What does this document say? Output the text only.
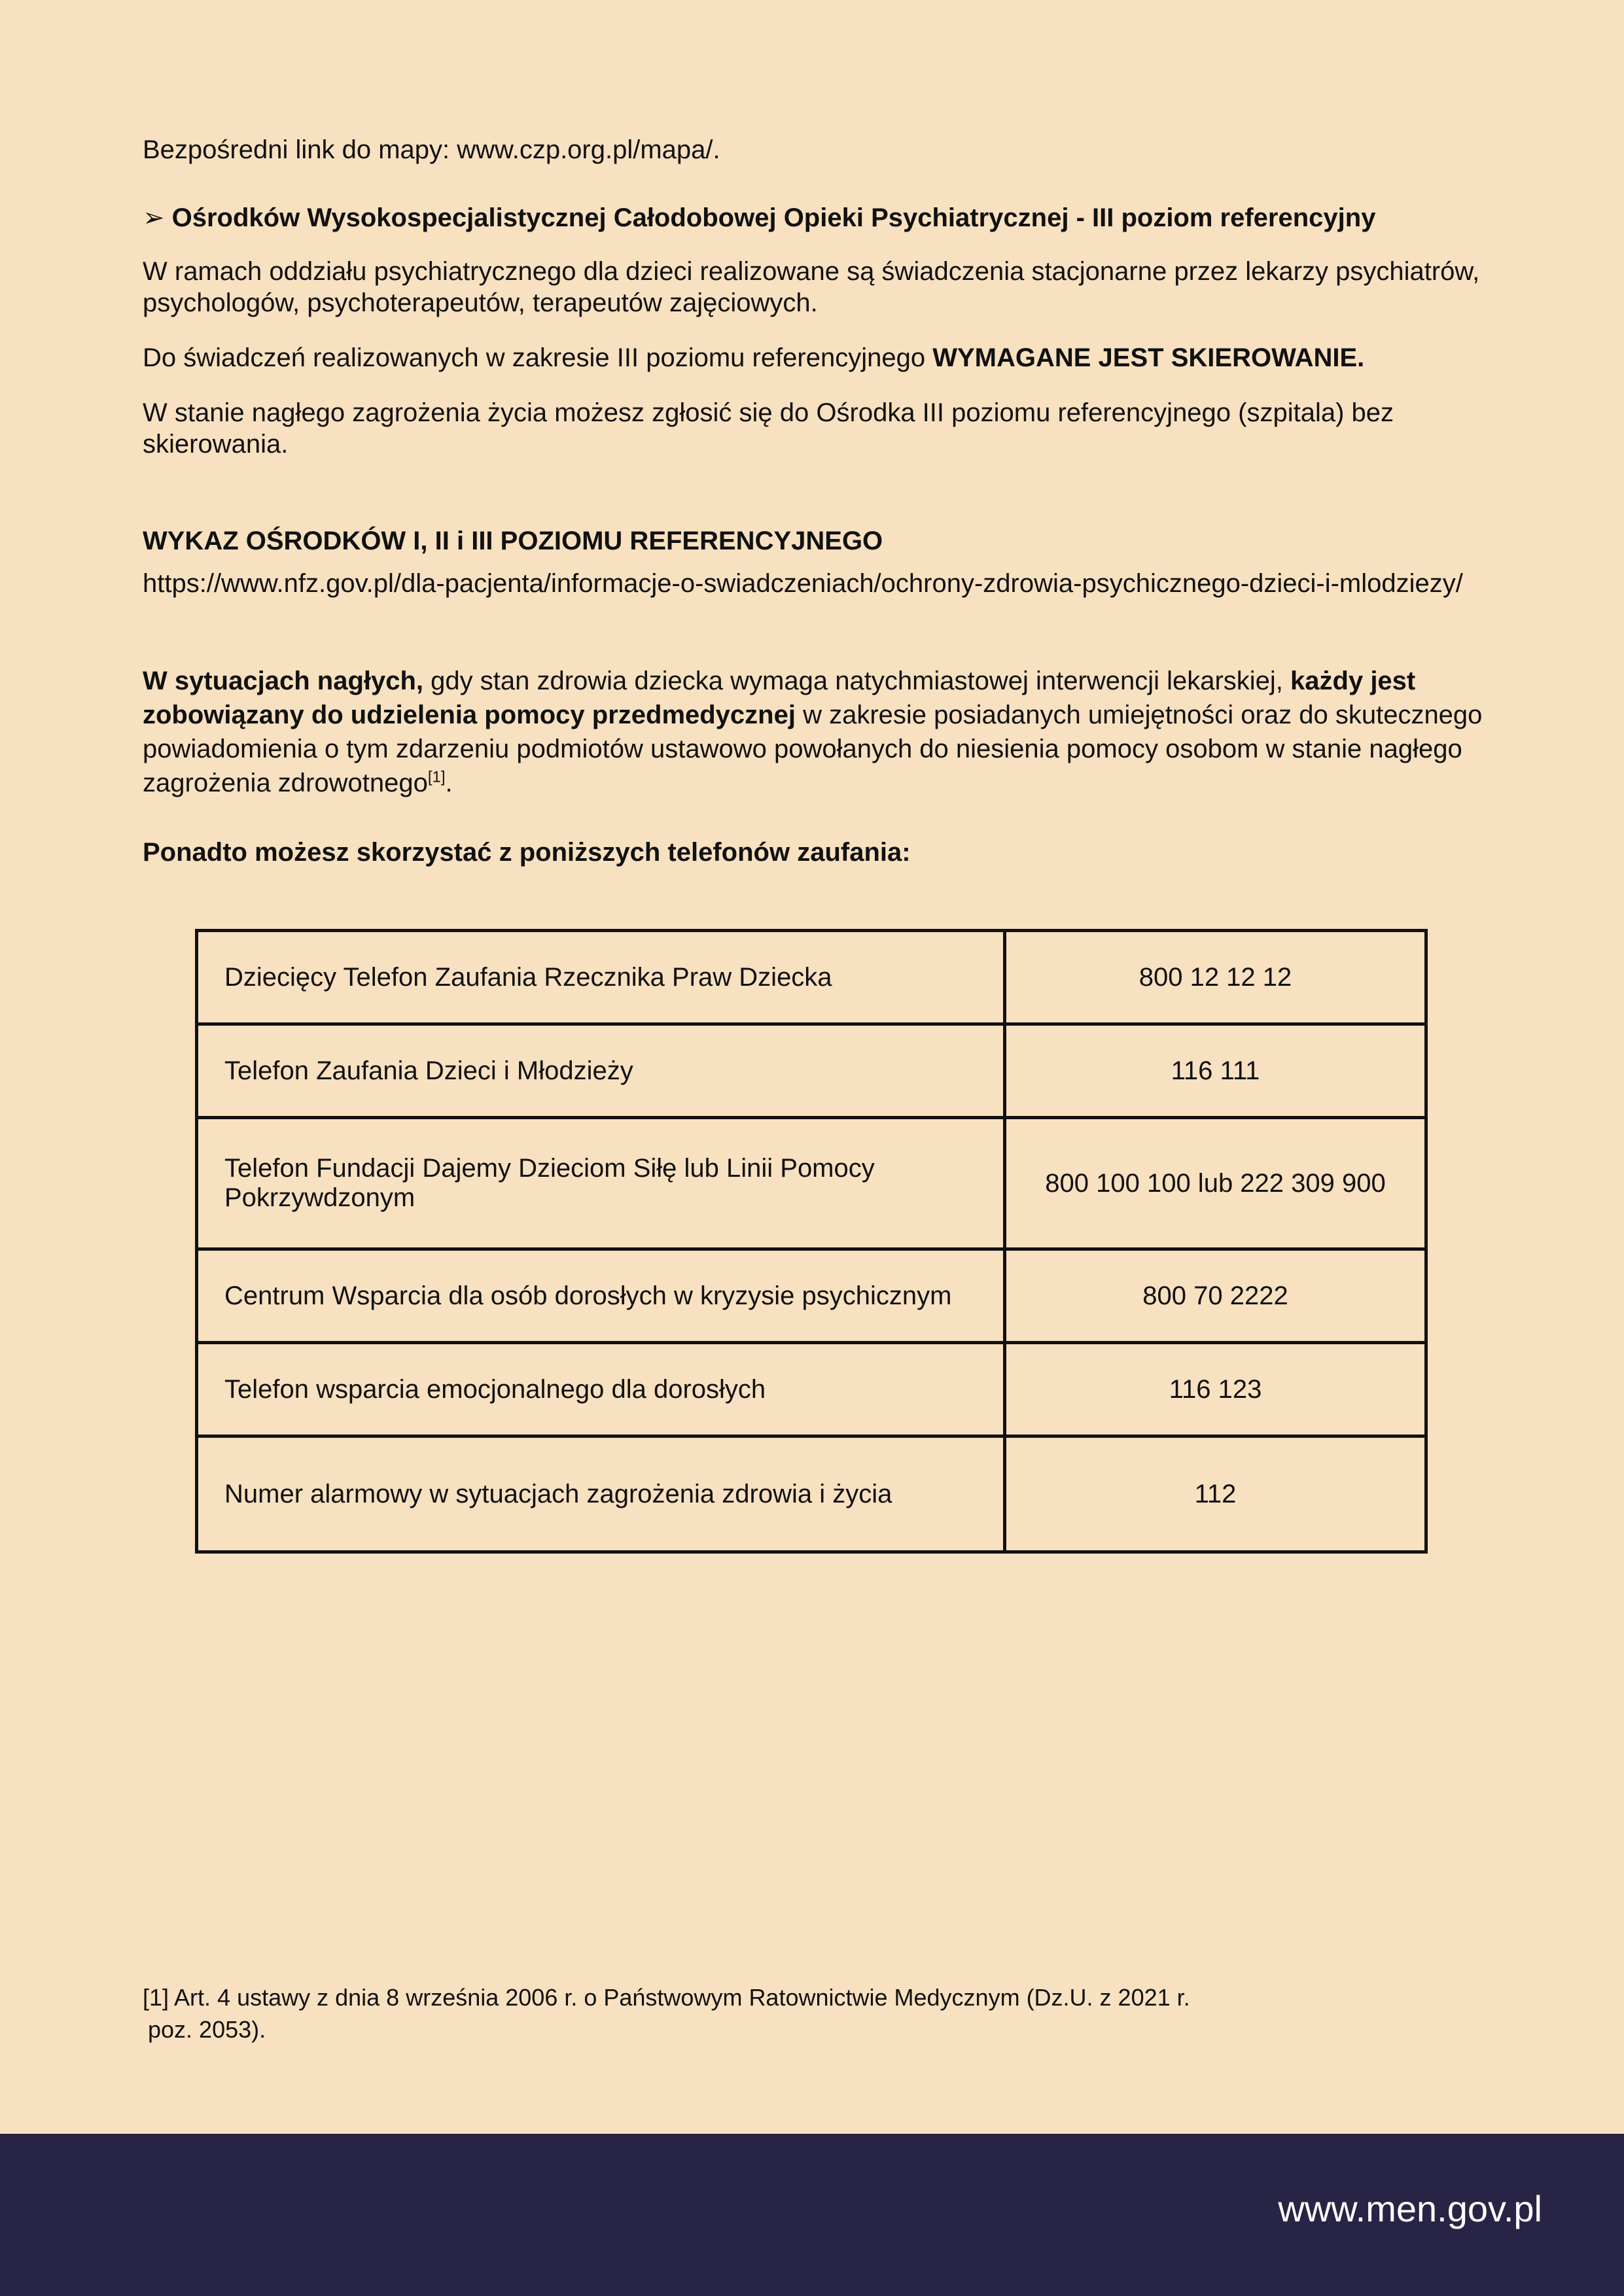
Bezpośredni link do mapy: www.czp.org.pl/mapa/.

➢ Ośrodków Wysokospecjalistycznej Całodobowej Opieki Psychiatrycznej - III poziom referencyjny

W ramach oddziału psychiatrycznego dla dzieci realizowane są świadczenia stacjonarne przez lekarzy psychiatrów, psychologów, psychoterapeutów, terapeutów zajęciowych.

Do świadczeń realizowanych w zakresie III poziomu referencyjnego WYMAGANE JEST SKIEROWANIE.

W stanie nagłego zagrożenia życia możesz zgłosić się do Ośrodka III poziomu referencyjnego (szpitala) bez skierowania.

WYKAZ OŚRODKÓW I, II i III POZIOMU REFERENCYJNEGO

https://www.nfz.gov.pl/dla-pacjenta/informacje-o-swiadczeniach/ochrony-zdrowia-psychicznego-dzieci-i-mlodziezy/

W sytuacjach nagłych, gdy stan zdrowia dziecka wymaga natychmiastowej interwencji lekarskiej, każdy jest zobowiązany do udzielenia pomocy przedmedycznej w zakresie posiadanych umiejętności oraz do skutecznego powiadomienia o tym zdarzeniu podmiotów ustawowo powołanych do niesienia pomocy osobom w stanie nagłego zagrożenia zdrowotnego[1].

Ponadto możesz skorzystać z poniższych telefonów zaufania:

Dziecięcy Telefon Zaufania Rzecznika Praw Dziecka	800 12 12 12
Telefon Zaufania Dzieci i Młodzieży	116 111
Telefon Fundacji Dajemy Dzieciom Siłę lub Linii Pomocy Pokrzywdzonym	800 100 100 lub 222 309 900
Centrum Wsparcia dla osób dorosłych w kryzysie psychicznym	800 70 2222
Telefon wsparcia emocjonalnego dla dorosłych	116 123
Numer alarmowy w sytuacjach zagrożenia zdrowia i życia	112
[1] Art. 4 ustawy z dnia 8 września 2006 r. o Państwowym Ratownictwie Medycznym (Dz.U. z 2021 r.
poz. 2053).
www.men.gov.pl
